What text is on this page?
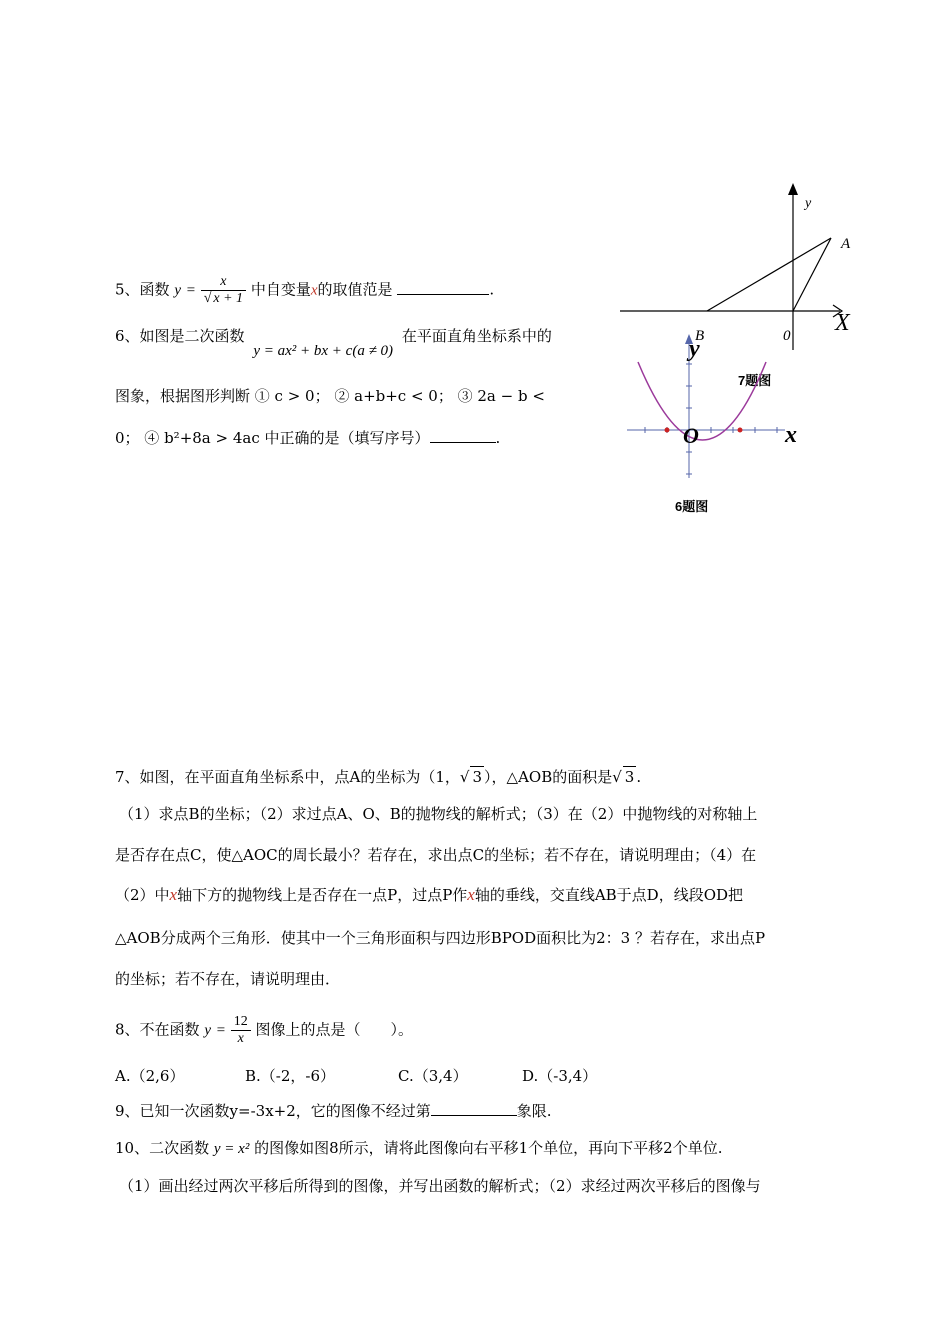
5、函数 $y = \frac{x}{√ x + 1}$ 中自变量x的取值范是	.
6、如图是二次函数 y = ax² + bx + c(a ≠ 0) 在平面直角坐标系中的
图象，根据图形判断 ① c > 0； ② a+b+c < 0； ③ 2a − b <
0； ④ b²+8a > 4ac 中正确的是（填写序号）	.
y
A
B	0 X
7题图
y
O	x
6题图
7、如图，在平面直角坐标系中，点A的坐标为（1，√ 3 ），△AOB的面积是√ 3 .
（1）求点B的坐标；（2）求过点A、O、B的抛物线的解析式；（3）在（2）中抛物线的对称轴上
是否存在点C，使△AOC的周长最小？若存在，求出点C的坐标；若不存在，请说明理由；（4）在
（2）中x轴下方的抛物线上是否存在一点P，过点P作x轴的垂线，交直线AB于点D，线段OD把
△AOB分成两个三角形．使其中一个三角形面积与四边形BPOD面积比为2：3 ？若存在，求出点P
的坐标；若不存在，请说明理由．
8、不在函数 $y = \frac{12}{x}$ 图像上的点是（　　）。
A.（2,6）	B.（-2，-6）	C.（3,4）	D.（-3,4）
9、已知一次函数y=-3x+2，它的图像不经过第	象限.
10、二次函数 y = x² 的图像如图8所示，请将此图像向右平移1个单位，再向下平移2个单位.
（1）画出经过两次平移后所得到的图像，并写出函数的解析式；（2）求经过两次平移后的图像与
